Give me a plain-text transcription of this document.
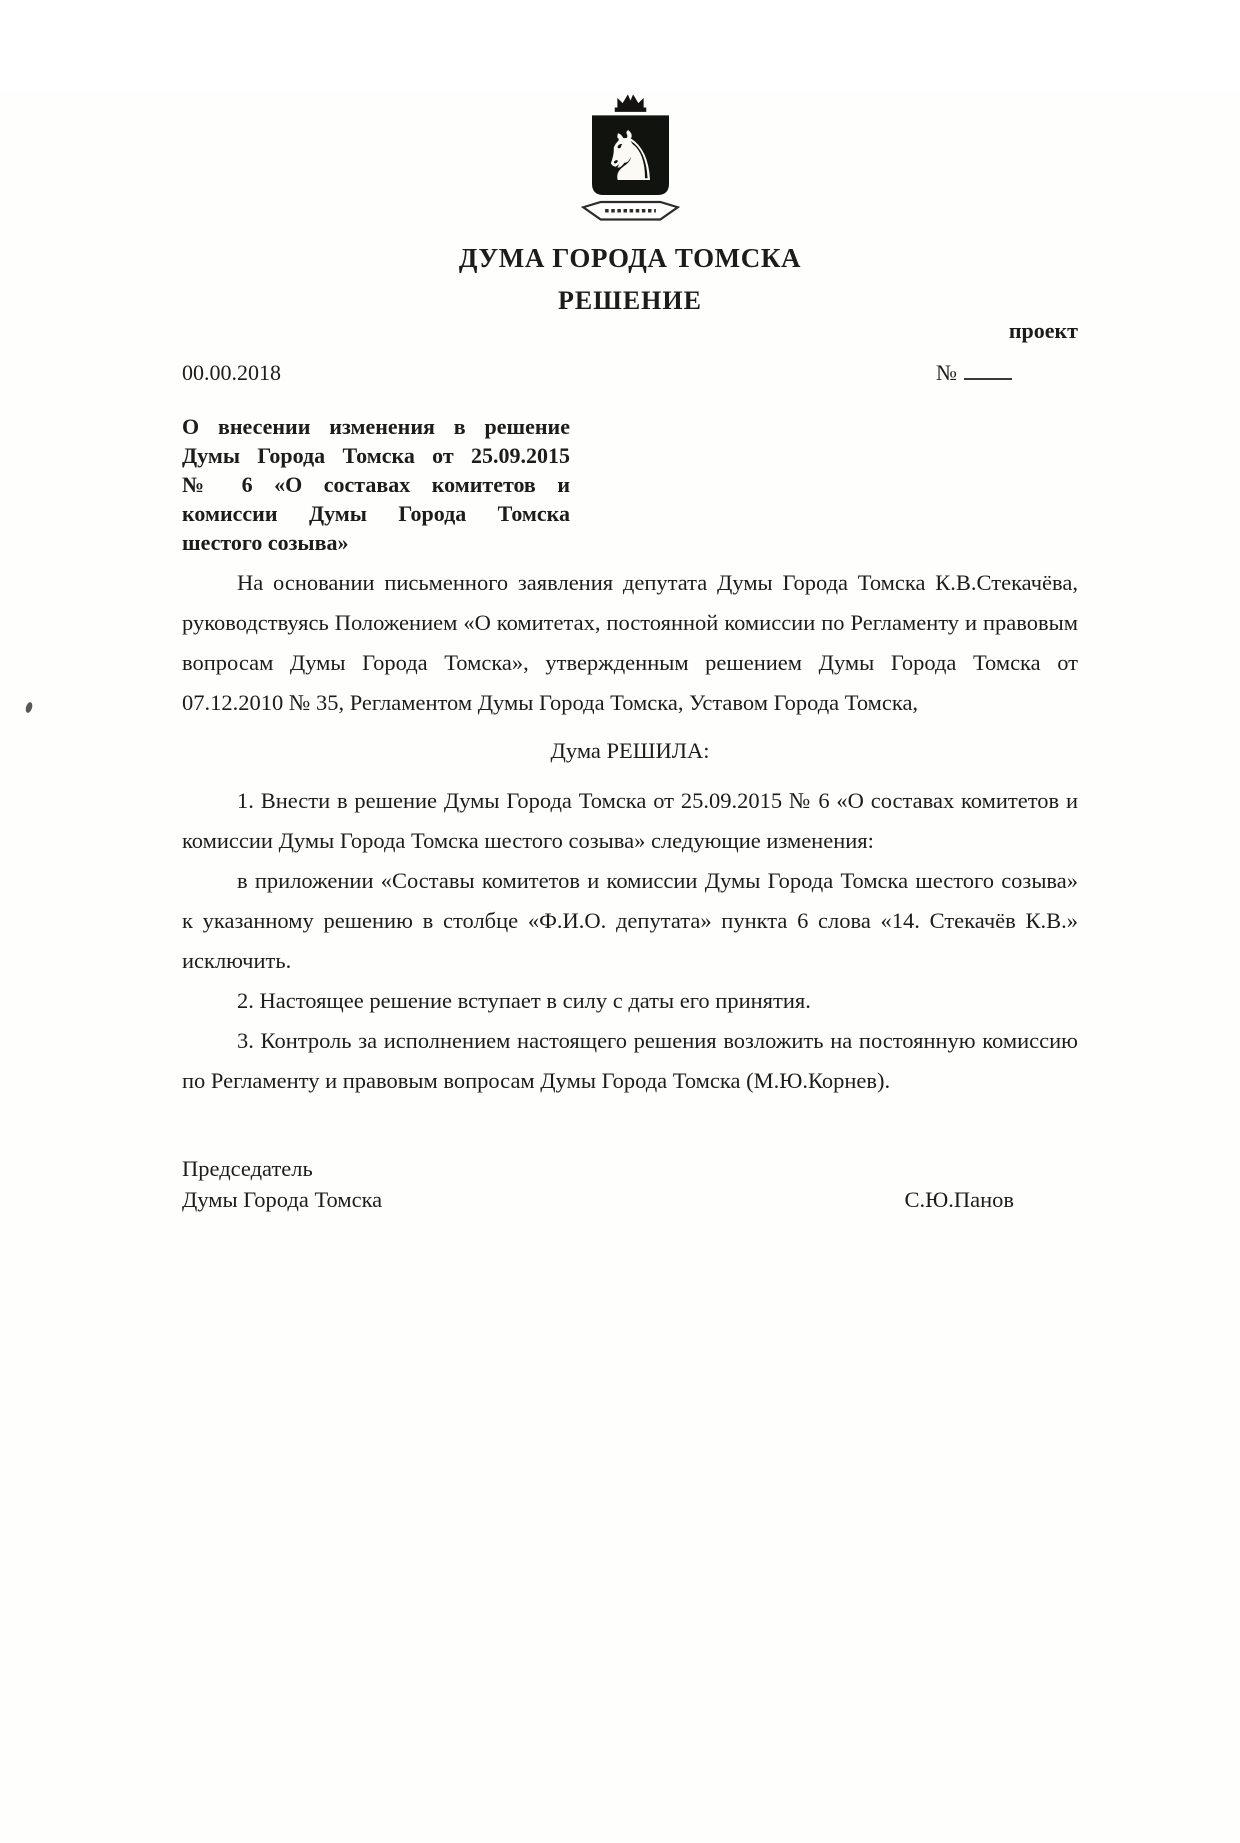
♞
ДУМА ГОРОДА ТОМСКА
РЕШЕНИЕ
проект
00.00.2018	№
О внесении изменения в решение
Думы Города Томска от 25.09.2015
№ 6 «О составах комитетов и
комиссии Думы Города Томска
шестого созыва»

На основании письменного заявления депутата Думы Города Томска К.В.Стекачёва, руководствуясь Положением «О комитетах, постоянной комиссии по Регламенту и правовым вопросам Думы Города Томска», утвержденным решением Думы Города Томска от 07.12.2010 № 35, Регламентом Думы Города Томска, Уставом Города Томска,

Дума РЕШИЛА:

1. Внести в решение Думы Города Томска от 25.09.2015 № 6 «О составах комитетов и комиссии Думы Города Томска шестого созыва» следующие изменения:

в приложении «Составы комитетов и комиссии Думы Города Томска шестого созыва» к указанному решению в столбце «Ф.И.О. депутата» пункта 6 слова «14. Стекачёв К.В.» исключить.

2. Настоящее решение вступает в силу с даты его принятия.

3. Контроль за исполнением настоящего решения возложить на постоянную комиссию по Регламенту и правовым вопросам Думы Города Томска (М.Ю.Корнев).

Председатель
Думы Города Томска	С.Ю.Панов
